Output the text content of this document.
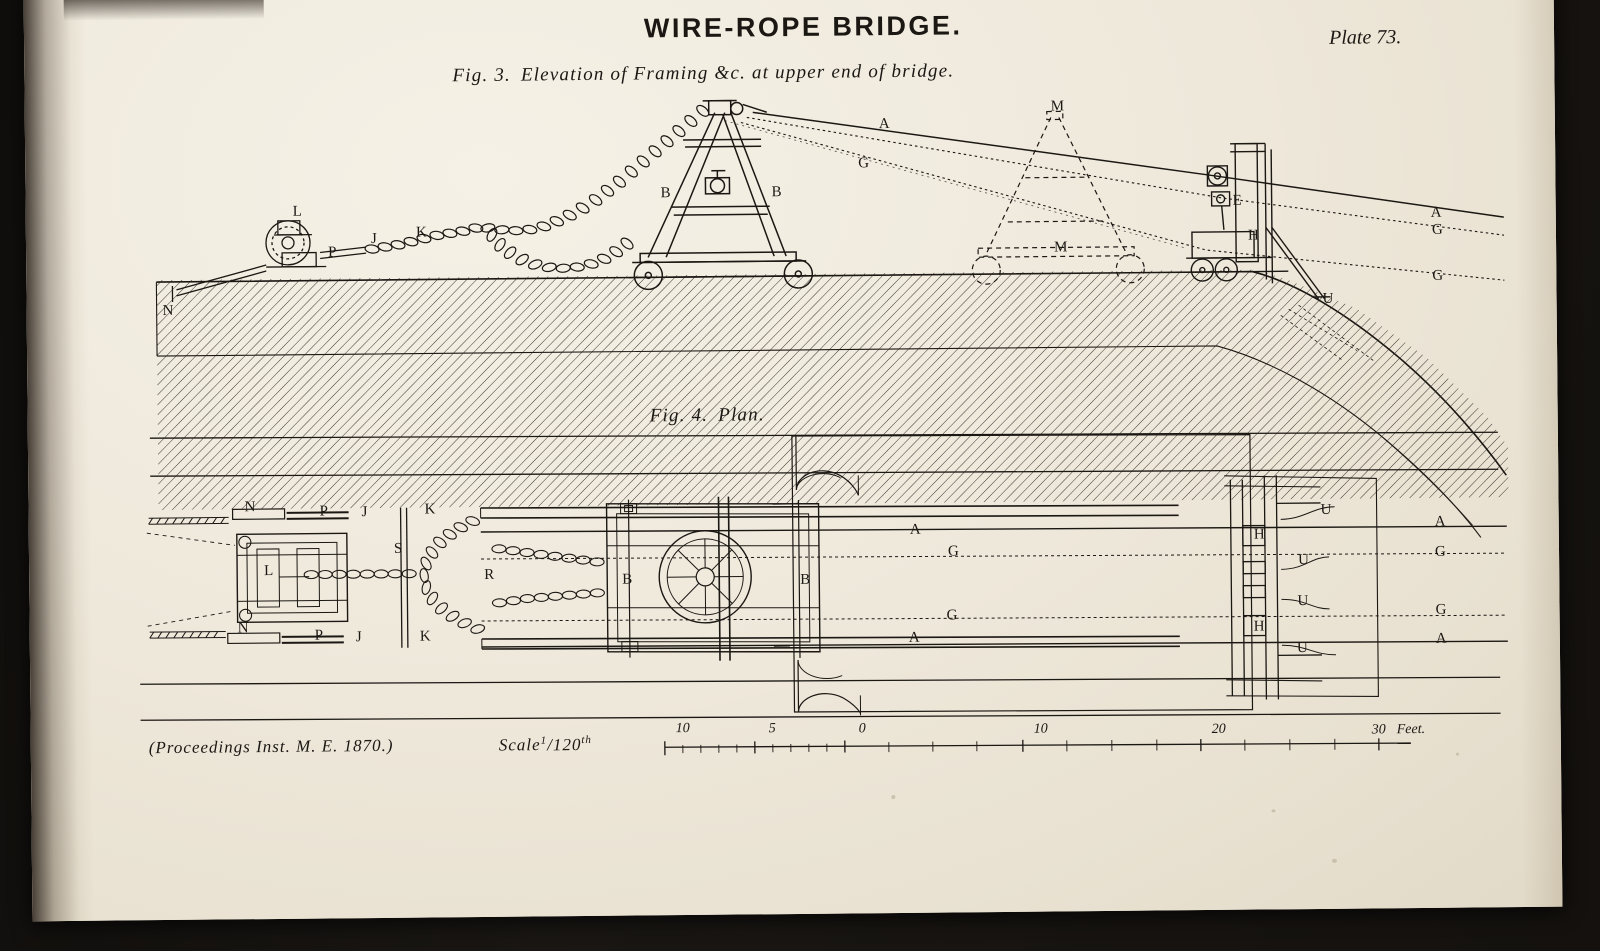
WIRE-ROPE BRIDGE.	Plate 73.
Fig. 3. Elevation of Framing &c. at upper end of bridge.
L
P
J	K
N
B	B
A
G
M
M
E
H
U
A
G
G
N
N
P
P
J
J
K
K
L
S
R	B	B
A
A
G
G
H
H
U
U
U
U
A
G
G
A
(Proceedings Inst. M. E. 1870.)	Scale$^1$/120th
10	5	0	10	20	30 Feet.
